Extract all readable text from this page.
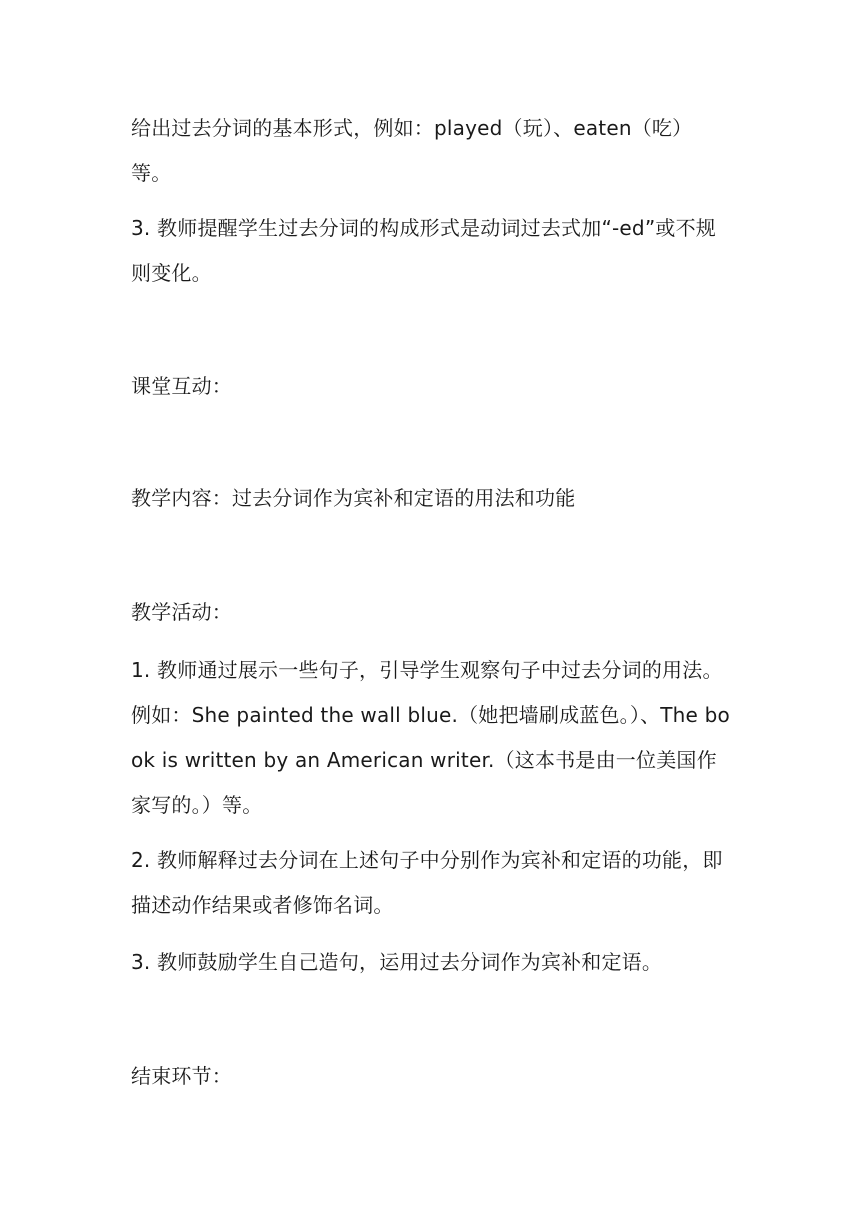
给出过去分词的基本形式，例如：played（玩）、eaten（吃）等。

3. 教师提醒学生过去分词的构成形式是动词过去式加“-ed”或不规则变化。

课堂互动：

教学内容：过去分词作为宾补和定语的用法和功能

教学活动：

1. 教师通过展示一些句子，引导学生观察句子中过去分词的用法。例如：She painted the wall blue.（她把墙刷成蓝色。）、The book is written by an American writer.（这本书是由一位美国作家写的。）等。

2. 教师解释过去分词在上述句子中分别作为宾补和定语的功能，即描述动作结果或者修饰名词。

3. 教师鼓励学生自己造句，运用过去分词作为宾补和定语。

结束环节：
